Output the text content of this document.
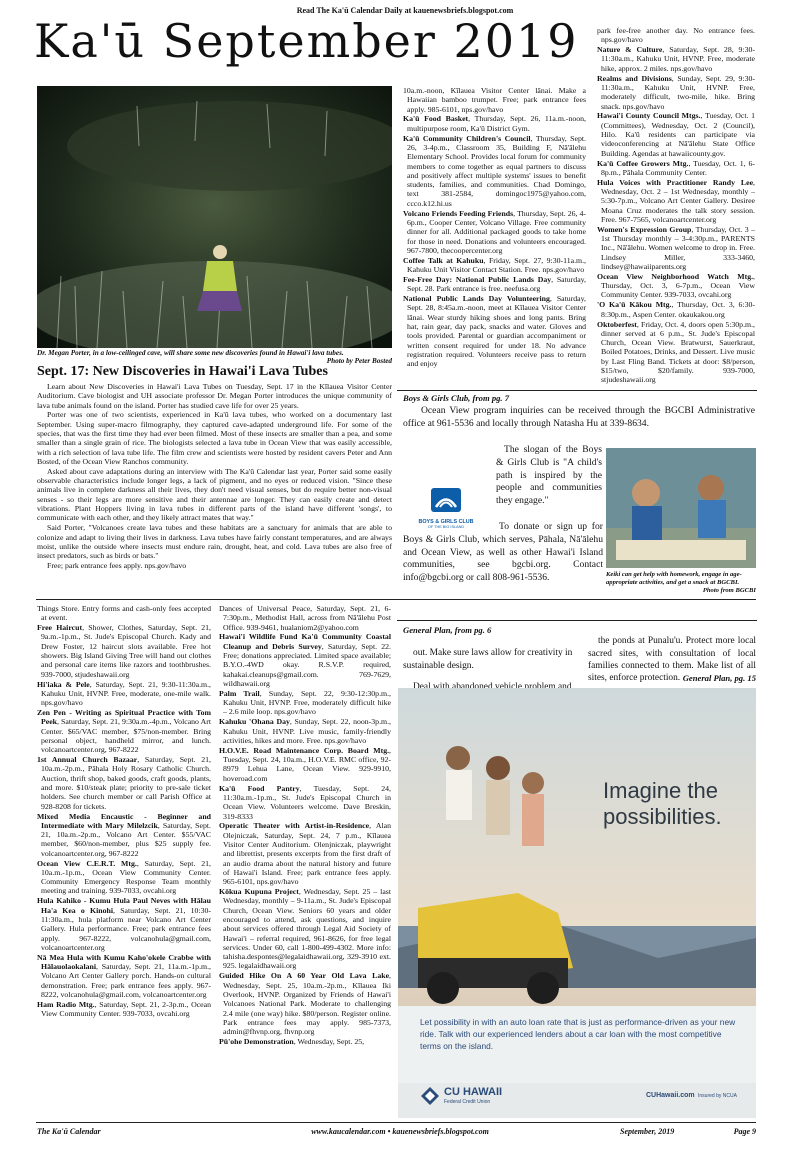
Read The Ka'ū Calendar Daily at kauenewsbriefs.blogspot.com
Ka'ū September 2019
Dr. Megan Porter, in a low-ceilinged cave, will share some new discoveries found in Hawai'i lava tubes.
Photo by Peter Bosted
Sept. 17: New Discoveries in Hawai'i Lava Tubes

Learn about New Discoveries in Hawai'i Lava Tubes on Tuesday, Sept. 17 in the Kīlauea Visitor Center Auditorium. Cave biologist and UH associate professor Dr. Megan Porter introduces the unique community of lava tube animals found on the island. Porter has studied cave life for over 25 years.

Porter was one of two scientists, experienced in Ka'ū lava tubes, who worked on a documentary last September. Using super-macro filmography, they captured cave-adapted underground life. For some of the species, that was the first time they had ever been filmed. Most of these insects are smaller than a pea, and some smaller than a single grain of rice. The biologists selected a lava tube in Ocean View that was easily accessible, with a rich selection of lava tube life. The film crew and scientists were hosted by resident cavers Peter and Ann Bosted, of the Ocean View Ranchos community.

Asked about cave adaptations during an interview with The Ka'ū Calendar last year, Porter said some easily observable characteristics include longer legs, a lack of pigment, and no eyes or reduced vision. "Since these animals live in complete darkness all their lives, they don't need visual senses, but do require better non-visual senses - so their legs are more sensitive and their antennae are longer. They can easily create and detect vibrations. Plant Hoppers living in lava tubes in different parts of the island have different 'songs', to communicate with each other, and they likely attract mates that way."

Said Porter, "Volcanoes create lava tubes and these habitats are a sanctuary for animals that are able to colonize and adapt to living their lives in darkness. Lava tubes have fairly constant temperatures, and are always moist, unlike the outside where insects must endure rain, drought, heat, and cold. Lava tubes are also free of insect predators, such as birds or bats."

Free; park entrance fees apply. nps.gov/havo

10a.m.-noon, Kīlauea Visitor Center lānai. Make a Hawaiian bamboo trumpet. Free; park entrance fees apply. 985-6101, nps.gov/havo

Ka'ū Food Basket, Thursday, Sept. 26, 11a.m.-noon, multipurpose room, Ka'ū District Gym.

Ka'ū Community Children's Council, Thursday, Sept. 26, 3-4p.m., Classroom 35, Building F, Nā'ālehu Elementary School. Provides local forum for community members to come together as equal partners to discuss and positively affect multiple systems' issues to benefit students, families, and communities. Chad Domingo, text 381-2584, domingoc1975@yahoo.com, ccco.k12.hi.us

Volcano Friends Feeding Friends, Thursday, Sept. 26, 4-6p.m., Cooper Center, Volcano Village. Free community dinner for all. Additional packaged goods to take home for those in need. Donations and volunteers encouraged. 967-7800, thecoopercenter.org

Coffee Talk at Kahuku, Friday, Sept. 27, 9:30-11a.m., Kahuku Unit Visitor Contact Station. Free. nps.gov/havo

Fee-Free Day: National Public Lands Day, Saturday, Sept. 28. Park entrance is free. neefusa.org

National Public Lands Day Volunteering, Saturday, Sept. 28, 8:45a.m.-noon, meet at Kīlauea Visitor Center lānai. Wear sturdy hiking shoes and long pants. Bring hat, rain gear, day pack, snacks and water. Gloves and tools provided. Parental or guardian accompaniment or written consent required for under 18. No advance registration required. Volunteers receive pass to return and enjoy

park fee-free another day. No entrance fees. nps.gov/havo

Nature & Culture, Saturday, Sept. 28, 9:30-11:30a.m., Kahuku Unit, HVNP. Free, moderate hike, approx. 2 miles. nps.gov/havo

Realms and Divisions, Sunday, Sept. 29, 9:30-11:30a.m., Kahuku Unit, HVNP. Free, moderately difficult, two-mile, hike. Bring snack. nps.gov/havo

Hawai'i County Council Mtgs., Tuesday, Oct. 1 (Committees), Wednesday, Oct. 2 (Council), Hilo. Ka'ū residents can participate via videoconferencing at Nā'ālehu State Office Building. Agendas at hawaiicounty.gov.

Ka'ū Coffee Growers Mtg., Tuesday, Oct. 1, 6-8p.m., Pāhala Community Center.

Hula Voices with Practitioner Randy Lee, Wednesday, Oct. 2 – 1st Wednesday, monthly – 5:30-7p.m., Volcano Art Center Gallery. Desiree Moana Cruz moderates the talk story session. Free. 967-7565, volcanoartcenter.org

Women's Expression Group, Thursday, Oct. 3 – 1st Thursday monthly – 3-4:30p.m., PARENTS Inc., Nā'ālehu. Women welcome to drop in. Free. Lindsey Miller, 333-3460, lindsey@hawaiiparents.org

Ocean View Neighborhood Watch Mtg., Thursday, Oct. 3, 6-7p.m., Ocean View Community Center. 939-7033, ovcahi.org

'O Ka'ū Kākou Mtg., Thursday, Oct. 3, 6:30-8:30p.m., Aspen Center. okaukakou.org

Oktoberfest, Friday, Oct. 4, doors open 5:30p.m., dinner served at 6 p.m., St. Jude's Episcopal Church, Ocean View. Bratwurst, Sauerkraut, Boiled Potatoes, Drinks, and Dessert. Live music by Last Fling Band. Tickets at door: $8/person, $15/two, $20/family. 939-7000, stjudeshawaii.org

Boys & Girls Club, from pg. 7
Ocean View program inquiries can be received through the BGCBI Administrative office at 961-5536 and locally through Natasha Hu at 339-8634.
The slogan of the Boys & Girls Club is "A child's path is inspired by the people and communities they engage."
BOYS & GIRLS CLUB
OF THE BIG ISLAND	To donate or sign up for Boys & Girls Club, which serves, Pāhala, Nā'ālehu and Ocean View, as well as other Hawai'i Island communities, see bgcbi.org. Contact info@bgcbi.org or call 808-961-5536.	Keiki can get help with homework, engage in age-appropriate activities, and get a snack at BGCBI.
Photo from BGCBI
General Plan, from pg. 6

out. Make sure laws allow for creativity in sustainable design.

the ponds at Punalu'u. Protect more local sacred sites, with consultation of local families connected to them. Make list of all sites, enforce protection. General Plan, pg. 15
Imagine the
possibilities.
Let possibility in with an auto loan rate that is just as performance-driven as your new ride. Talk with our experienced lenders about a car loan with the most competitive terms on the island.
CU HAWAII
Federal Credit Union
CUHawaii.com Insured by NCUA

Things Store. Entry forms and cash-only fees accepted at event.

Free Haircut, Shower, Clothes, Saturday, Sept. 21, 9a.m.-1p.m., St. Jude's Episcopal Church. Kady and Drew Foster, 12 haircut slots available. Free hot showers. Big Island Giving Tree will hand out clothes and personal care items like razors and toothbrushes. 939-7000, stjudeshawaii.org

Hi'iaka & Pele, Saturday, Sept. 21, 9:30-11:30a.m., Kahuku Unit, HVNP. Free, moderate, one-mile walk. nps.gov/havo

Zen Pen - Writing as Spiritual Practice with Tom Peek, Saturday, Sept. 21, 9:30a.m.-4p.m., Volcano Art Center. $65/VAC member, $75/non-member. Bring personal object, handheld mirror, and lunch. volcanoartcenter.org, 967-8222

1st Annual Church Bazaar, Saturday, Sept. 21, 10a.m.-2p.m., Pāhala Holy Rosary Catholic Church. Auction, thrift shop, baked goods, craft goods, plants, and more. $10/steak plate; priority to pre-sale ticket holders. See church member or call Parish Office at 928-8208 for tickets.

Mixed Media Encaustic - Beginner and Intermediate with Mary Milelzcik, Saturday, Sept. 21, 10a.m.-2p.m., Volcano Art Center. $55/VAC member, $60/non-member, plus $25 supply fee. volcanoartcenter.org, 967-8222

Ocean View C.E.R.T. Mtg., Saturday, Sept. 21, 10a.m.-1p.m., Ocean View Community Center. Community Emergency Response Team monthly meeting and training. 939-7033, ovcahi.org

Hula Kahiko - Kumu Hula Paul Neves with Hālau Ha'a Kea o Kinohi, Saturday, Sept. 21, 10:30-11:30a.m., hula platform near Volcano Art Center Gallery. Hula performance. Free; park entrance fees apply. 967-8222, volcanohula@gmail.com, volcanoartcenter.org

Nā Mea Hula with Kumu Kaho'okele Crabbe with Hālauolaokalani, Saturday, Sept. 21, 11a.m.-1p.m., Volcano Art Center Gallery porch. Hands-on cultural demonstration. Free; park entrance fees apply. 967-8222, volcanohula@gmail.com, volcanoartcenter.org

Ham Radio Mtg., Saturday, Sept. 21, 2-3p.m., Ocean View Community Center. 939-7033, ovcahi.org

Dances of Universal Peace, Saturday, Sept. 21, 6-7:30p.m., Methodist Hall, across from Nā'ālehu Post Office. 939-9461, hualaniom2@yahoo.com

Hawai'i Wildlife Fund Ka'ū Community Coastal Cleanup and Debris Survey, Saturday, Sept. 22. Free; donations appreciated. Limited space available; B.Y.O.-4WD okay. R.S.V.P. required, kahakai.cleanups@gmail.com. 769-7629, wildhawaii.org

Palm Trail, Sunday, Sept. 22, 9:30-12:30p.m., Kahuku Unit, HVNP. Free, moderately difficult hike – 2.6 mile loop. nps.gov/havo

Kahuku 'Ohana Day, Sunday, Sept. 22, noon-3p.m., Kahuku Unit, HVNP. Live music, family-friendly activities, hikes and more. Free. nps.gov/havo

H.O.V.E. Road Maintenance Corp. Board Mtg., Tuesday, Sept. 24, 10a.m., H.O.V.E. RMC office, 92-8979 Lehua Lane, Ocean View. 929-9910, hoveroad.com

Ka'ū Food Pantry, Tuesday, Sept. 24, 11:30a.m.-1p.m., St. Jude's Episcopal Church in Ocean View. Volunteers welcome. Dave Breskin, 319-8333

Operatic Theater with Artist-in-Residence, Alan Olejniczak, Saturday, Sept. 24, 7 p.m., Kīlauea Visitor Center Auditorium. Olenjniczak, playwright and librettist, presents excerpts from the first draft of an audio drama about the natural history and future of Hawai'i Island. Free; park entrance fees apply. 965-6101, nps.gov/havo

Kōkua Kupuna Project, Wednesday, Sept. 25 – last Wednesday, monthly – 9-11a.m., St. Jude's Episcopal Church, Ocean View. Seniors 60 years and older encouraged to attend, ask questions, and inquire about services offered through Legal Aid Society of Hawai'i – referral required, 961-8626, for free legal services. Under 60, call 1-800-499-4302. More info: tahisha.despontes@legalaidhawaii.org, 329-3910 ext. 925. legalaidhawaii.org

Guided Hike On A 60 Year Old Lava Lake, Wednesday, Sept. 25, 10a.m.-2p.m., Kīlauea Iki Overlook, HVNP. Organized by Friends of Hawai'i Volcanoes National Park. Moderate to challenging 2.4 mile (one way) hike. $80/person. Register online. Park entrance fees may apply. 985-7373, admin@fhvnp.org, fhvnp.org

Pū'ohe Demonstration, Wednesday, Sept. 25,

The Ka'ū Calendar	www.kaucalendar.com • kauenewsbriefs.blogspot.com	September, 2019	Page 9
